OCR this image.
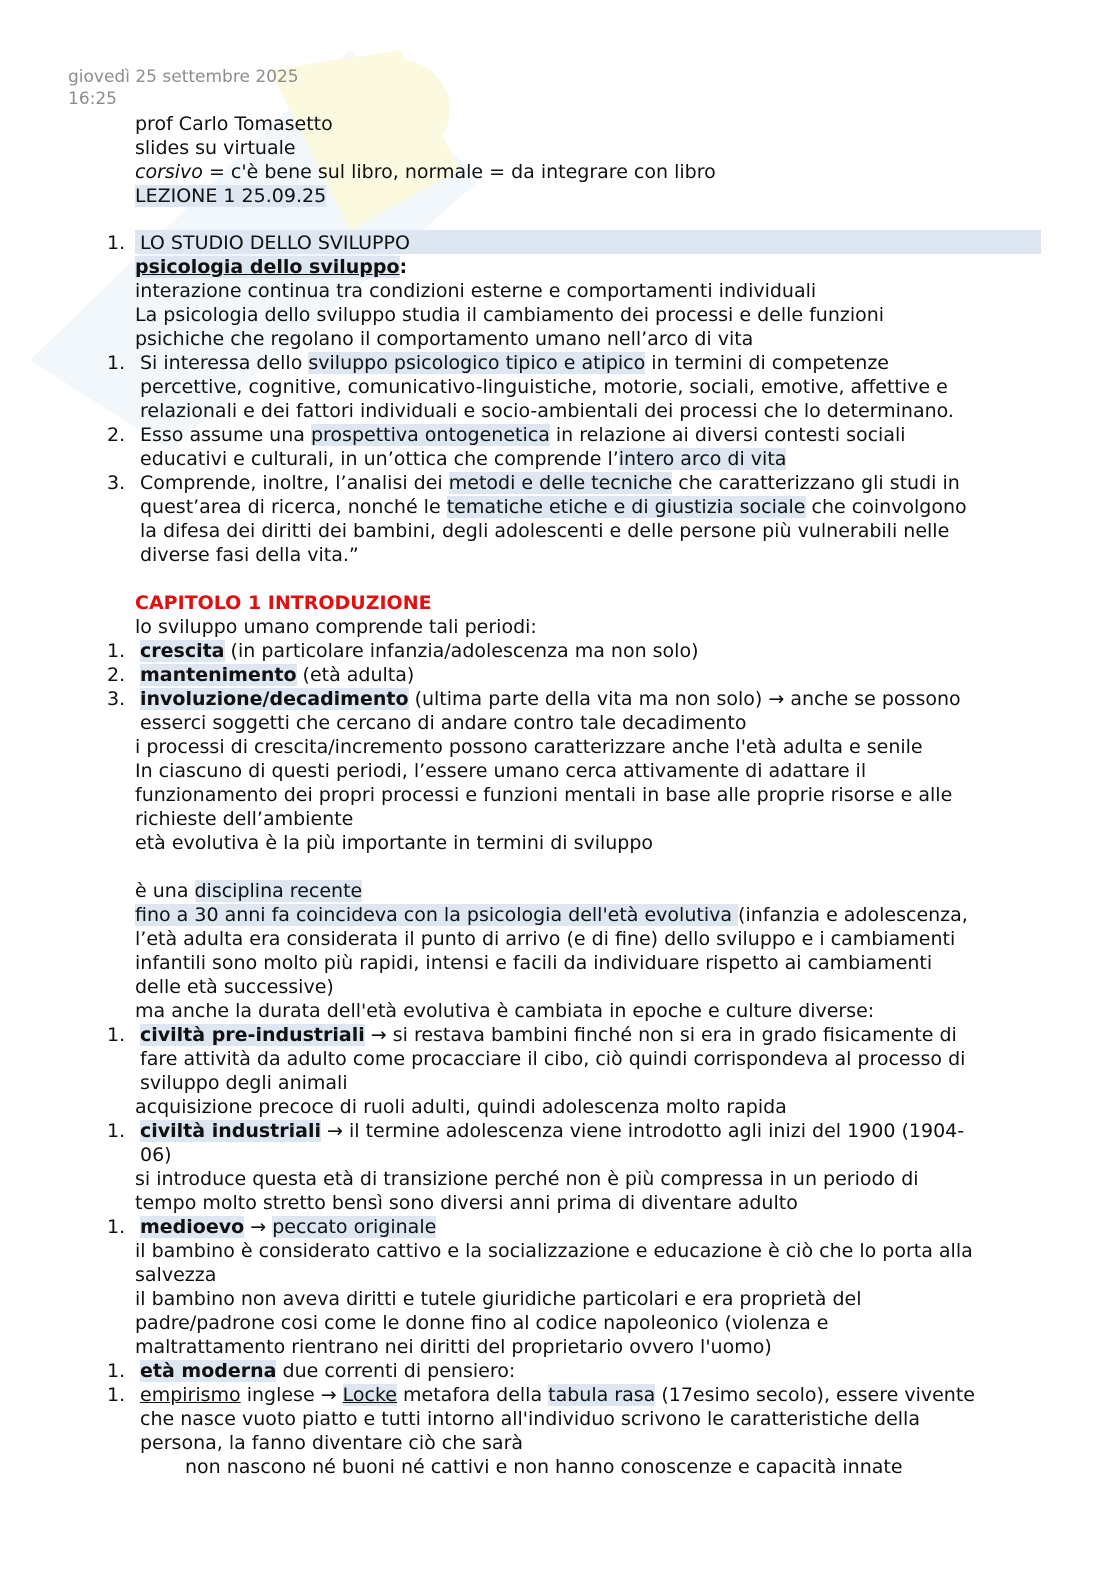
giovedì 25 settembre 2025
16:25
prof Carlo Tomasetto
slides su virtuale
corsivo = c'è bene sul libro, normale = da integrare con libro
LEZIONE 1 25.09.25
1. LO STUDIO DELLO SVILUPPO
psicologia dello sviluppo:
interazione continua tra condizioni esterne e comportamenti individuali
La psicologia dello sviluppo studia il cambiamento dei processi e delle funzioni
psichiche che regolano il comportamento umano nell’arco di vita
1. Si interessa dello sviluppo psicologico tipico e atipico in termini di competenze
percettive, cognitive, comunicativo-linguistiche, motorie, sociali, emotive, affettive e
relazionali e dei fattori individuali e socio-ambientali dei processi che lo determinano.
2. Esso assume una prospettiva ontogenetica in relazione ai diversi contesti sociali
educativi e culturali, in un’ottica che comprende l’intero arco di vita
3. Comprende, inoltre, l’analisi dei metodi e delle tecniche che caratterizzano gli studi in
quest’area di ricerca, nonché le tematiche etiche e di giustizia sociale che coinvolgono
la difesa dei diritti dei bambini, degli adolescenti e delle persone più vulnerabili nelle
diverse fasi della vita.”
CAPITOLO 1 INTRODUZIONE
lo sviluppo umano comprende tali periodi:
1. crescita (in particolare infanzia/adolescenza ma non solo)
2. mantenimento (età adulta)
3. involuzione/decadimento (ultima parte della vita ma non solo) → anche se possono
esserci soggetti che cercano di andare contro tale decadimento
i processi di crescita/incremento possono caratterizzare anche l'età adulta e senile
In ciascuno di questi periodi, l’essere umano cerca attivamente di adattare il
funzionamento dei propri processi e funzioni mentali in base alle proprie risorse e alle
richieste dell’ambiente
età evolutiva è la più importante in termini di sviluppo
è una disciplina recente
fino a 30 anni fa coincideva con la psicologia dell'età evolutiva (infanzia e adolescenza,
l’età adulta era considerata il punto di arrivo (e di fine) dello sviluppo e i cambiamenti
infantili sono molto più rapidi, intensi e facili da individuare rispetto ai cambiamenti
delle età successive)
ma anche la durata dell'età evolutiva è cambiata in epoche e culture diverse:
1. civiltà pre-industriali → si restava bambini finché non si era in grado fisicamente di
fare attività da adulto come procacciare il cibo, ciò quindi corrispondeva al processo di
sviluppo degli animali
acquisizione precoce di ruoli adulti, quindi adolescenza molto rapida
1. civiltà industriali → il termine adolescenza viene introdotto agli inizi del 1900 (1904-
06)
si introduce questa età di transizione perché non è più compressa in un periodo di
tempo molto stretto bensì sono diversi anni prima di diventare adulto
1. medioevo → peccato originale
il bambino è considerato cattivo e la socializzazione e educazione è ciò che lo porta alla
salvezza
il bambino non aveva diritti e tutele giuridiche particolari e era proprietà del
padre/padrone cosi come le donne fino al codice napoleonico (violenza e
maltrattamento rientrano nei diritti del proprietario ovvero l'uomo)
1. età moderna due correnti di pensiero:
1. empirismo inglese → Locke metafora della tabula rasa (17esimo secolo), essere vivente
che nasce vuoto piatto e tutti intorno all'individuo scrivono le caratteristiche della
persona, la fanno diventare ciò che sarà
non nascono né buoni né cattivi e non hanno conoscenze e capacità innate
